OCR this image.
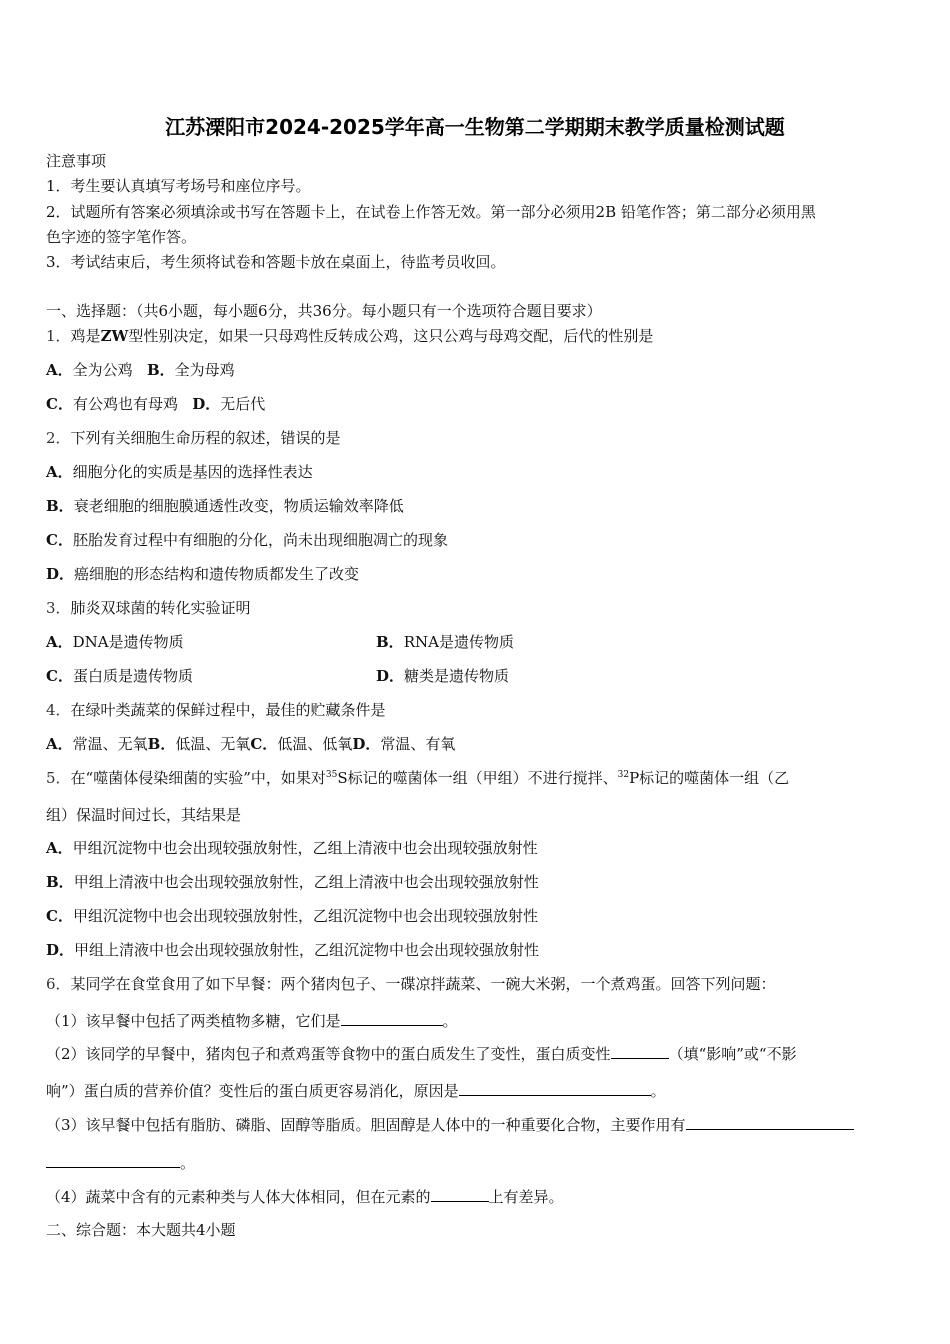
江苏溧阳市2024-2025学年高一生物第二学期期末教学质量检测试题
注意事项
1．考生要认真填写考场号和座位序号。
2．试题所有答案必须填涂或书写在答题卡上，在试卷上作答无效。第一部分必须用2B 铅笔作答；第二部分必须用黑
色字迹的签字笔作答。
3．考试结束后，考生须将试卷和答题卡放在桌面上，待监考员收回。
一、选择题：（共6小题，每小题6分，共36分。每小题只有一个选项符合题目要求）
1．鸡是ZW型性别决定，如果一只母鸡性反转成公鸡，这只公鸡与母鸡交配，后代的性别是
A．全为公鸡 B．全为母鸡
C．有公鸡也有母鸡 D．无后代
2．下列有关细胞生命历程的叙述，错误的是
A．细胞分化的实质是基因的选择性表达
B．衰老细胞的细胞膜通透性改变，物质运输效率降低
C．胚胎发育过程中有细胞的分化，尚未出现细胞凋亡的现象
D．癌细胞的形态结构和遗传物质都发生了改变
3．肺炎双球菌的转化实验证明
A．DNA是遗传物质	B．RNA是遗传物质
C．蛋白质是遗传物质	D．糖类是遗传物质
4．在绿叶类蔬菜的保鲜过程中，最佳的贮藏条件是
A．常温、无氧B．低温、无氧C．低温、低氧D．常温、有氧
5．在“噬菌体侵染细菌的实验”中，如果对$^{35}$S标记的噬菌体一组（甲组）不进行搅拌、$^{32}$P标记的噬菌体一组（乙
组）保温时间过长，其结果是
A．甲组沉淀物中也会出现较强放射性，乙组上清液中也会出现较强放射性
B．甲组上清液中也会出现较强放射性，乙组上清液中也会出现较强放射性
C．甲组沉淀物中也会出现较强放射性，乙组沉淀物中也会出现较强放射性
D．甲组上清液中也会出现较强放射性，乙组沉淀物中也会出现较强放射性
6．某同学在食堂食用了如下早餐：两个猪肉包子、一碟凉拌蔬菜、一碗大米粥，一个煮鸡蛋。回答下列问题：
（1）该早餐中包括了两类植物多糖，它们是	。
（2）该同学的早餐中，猪肉包子和煮鸡蛋等食物中的蛋白质发生了变性，蛋白质变性	（填“影响”或“不影
响”）蛋白质的营养价值？变性后的蛋白质更容易消化，原因是	。
（3）该早餐中包括有脂肪、磷脂、固醇等脂质。胆固醇是人体中的一种重要化合物，主要作用有
。
（4）蔬菜中含有的元素种类与人体大体相同，但在元素的	上有差异。
二、综合题：本大题共4小题
